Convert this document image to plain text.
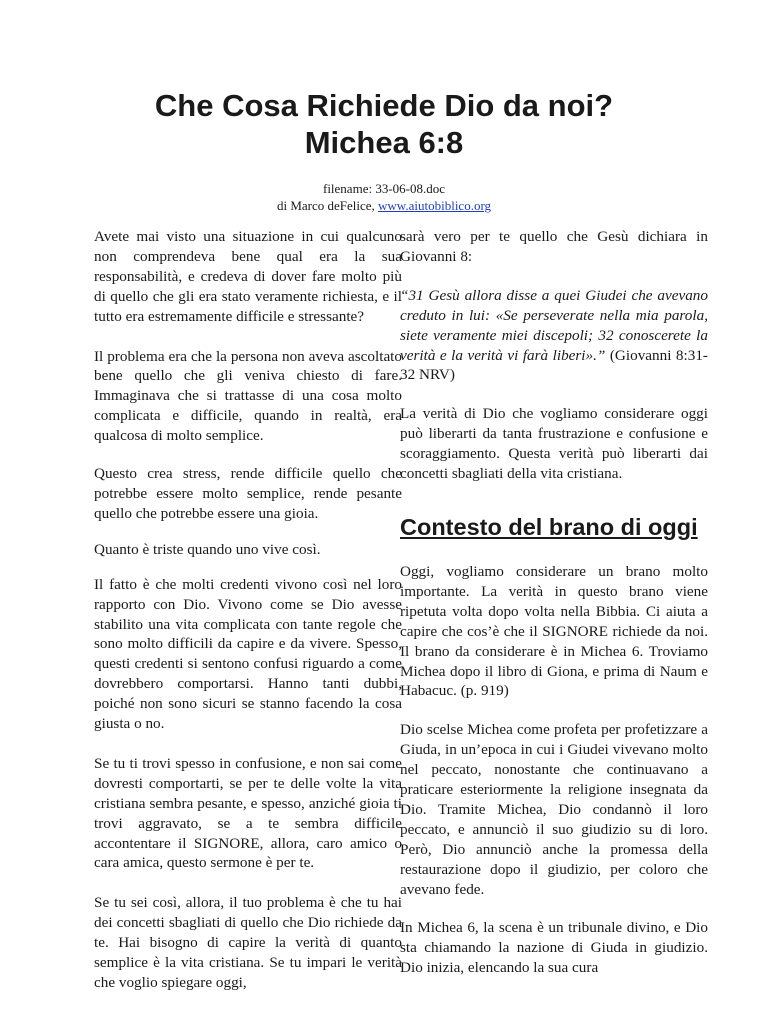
Che Cosa Richiede Dio da noi?
Michea 6:8
filename: 33-06-08.doc
di Marco deFelice, www.aiutobiblico.org

Avete mai visto una situazione in cui qualcuno non comprendeva bene qual era la sua responsabilità, e credeva di dover fare molto più di quello che gli era stato veramente richiesta, e il tutto era estremamente difficile e stressante?

Il problema era che la persona non aveva ascoltato bene quello che gli veniva chiesto di fare. Immaginava che si trattasse di una cosa molto complicata e difficile, quando in realtà, era qualcosa di molto semplice.

Questo crea stress, rende difficile quello che potrebbe essere molto semplice, rende pesante quello che potrebbe essere una gioia.

Quanto è triste quando uno vive così.

Il fatto è che molti credenti vivono così nel loro rapporto con Dio. Vivono come se Dio avesse stabilito una vita complicata con tante regole che sono molto difficili da capire e da vivere. Spesso, questi credenti si sentono confusi riguardo a come dovrebbero comportarsi. Hanno tanti dubbi, poiché non sono sicuri se stanno facendo la cosa giusta o no.

Se tu ti trovi spesso in confusione, e non sai come dovresti comportarti, se per te delle volte la vita cristiana sembra pesante, e spesso, anziché gioia ti trovi aggravato, se a te sembra difficile accontentare il SIGNORE, allora, caro amico o cara amica, questo sermone è per te.

Se tu sei così, allora, il tuo problema è che tu hai dei concetti sbagliati di quello che Dio richiede da te. Hai bisogno di capire la verità di quanto semplice è la vita cristiana. Se tu impari le verità che voglio spiegare oggi,

sarà vero per te quello che Gesù dichiara in Giovanni 8:

“31 Gesù allora disse a quei Giudei che avevano creduto in lui: «Se perseverate nella mia parola, siete veramente miei discepoli; 32 conoscerete la verità e la verità vi farà liberi».” (Giovanni 8:31-32 NRV)

La verità di Dio che vogliamo considerare oggi può liberarti da tanta frustrazione e confusione e scoraggiamento. Questa verità può liberarti dai concetti sbagliati della vita cristiana.

Contesto del brano di oggi

Oggi, vogliamo considerare un brano molto importante. La verità in questo brano viene ripetuta volta dopo volta nella Bibbia. Ci aiuta a capire che cos’è che il SIGNORE richiede da noi. Il brano da considerare è in Michea 6. Troviamo Michea dopo il libro di Giona, e prima di Naum e Habacuc. (p. 919)

Dio scelse Michea come profeta per profetizzare a Giuda, in un’epoca in cui i Giudei vivevano molto nel peccato, nonostante che continuavano a praticare esteriormente la religione insegnata da Dio. Tramite Michea, Dio condannò il loro peccato, e annunciò il suo giudizio su di loro. Però, Dio annunciò anche la promessa della restaurazione dopo il giudizio, per coloro che avevano fede.

In Michea 6, la scena è un tribunale divino, e Dio sta chiamando la nazione di Giuda in giudizio. Dio inizia, elencando la sua cura
